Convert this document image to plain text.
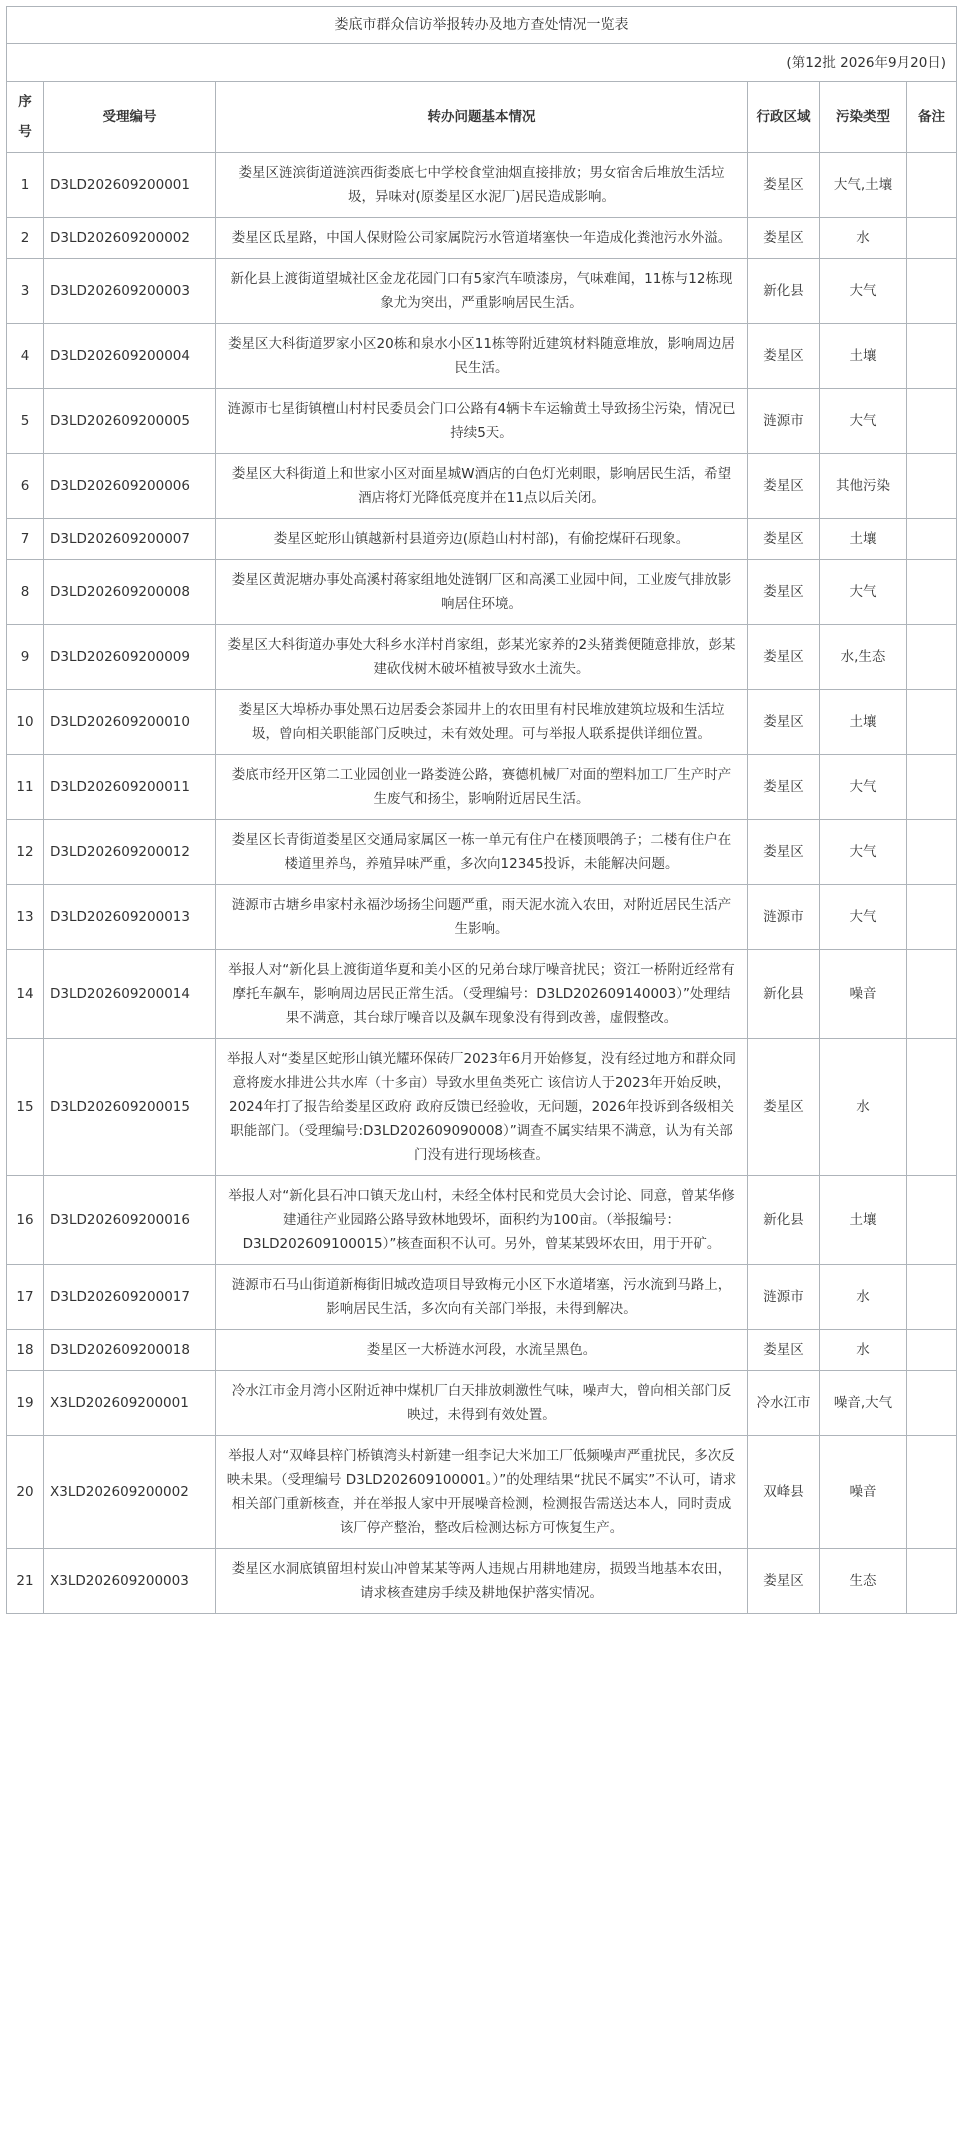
娄底市群众信访举报转办及地方查处情况一览表					
(第12批 2026年9月20日)					
序号	受理编号	转办问题基本情况	行政区域	污染类型	备注
1	D3LD202609200001	娄星区涟滨街道涟滨西街娄底七中学校食堂油烟直接排放；男女宿舍后堆放生活垃圾，异味对(原娄星区水泥厂)居民造成影响。	娄星区	大气,土壤	
2	D3LD202609200002	娄星区氐星路，中国人保财险公司家属院污水管道堵塞快一年造成化粪池污水外溢。	娄星区	水	
3	D3LD202609200003	新化县上渡街道望城社区金龙花园门口有5家汽车喷漆房，气味难闻，11栋与12栋现象尤为突出，严重影响居民生活。	新化县	大气	
4	D3LD202609200004	娄星区大科街道罗家小区20栋和泉水小区11栋等附近建筑材料随意堆放，影响周边居民生活。	娄星区	土壤	
5	D3LD202609200005	涟源市七星街镇檀山村村民委员会门口公路有4辆卡车运输黄土导致扬尘污染，情况已持续5天。	涟源市	大气	
6	D3LD202609200006	娄星区大科街道上和世家小区对面星城W酒店的白色灯光刺眼，影响居民生活，希望酒店将灯光降低亮度并在11点以后关闭。	娄星区	其他污染	
7	D3LD202609200007	娄星区蛇形山镇越新村县道旁边(原趋山村村部)，有偷挖煤矸石现象。	娄星区	土壤	
8	D3LD202609200008	娄星区黄泥塘办事处高溪村蒋家组地处涟钢厂区和高溪工业园中间，工业废气排放影响居住环境。	娄星区	大气	
9	D3LD202609200009	娄星区大科街道办事处大科乡水洋村肖家组，彭某光家养的2头猪粪便随意排放，彭某建砍伐树木破坏植被导致水土流失。	娄星区	水,生态	
10	D3LD202609200010	娄星区大埠桥办事处黑石边居委会茶园井上的农田里有村民堆放建筑垃圾和生活垃圾，曾向相关职能部门反映过，未有效处理。可与举报人联系提供详细位置。	娄星区	土壤	
11	D3LD202609200011	娄底市经开区第二工业园创业一路娄涟公路，赛德机械厂对面的塑料加工厂生产时产生废气和扬尘，影响附近居民生活。	娄星区	大气	
12	D3LD202609200012	娄星区长青街道娄星区交通局家属区一栋一单元有住户在楼顶喂鸽子；二楼有住户在楼道里养鸟，养殖异味严重，多次向12345投诉，未能解决问题。	娄星区	大气	
13	D3LD202609200013	涟源市古塘乡串家村永福沙场扬尘问题严重，雨天泥水流入农田，对附近居民生活产生影响。	涟源市	大气	
14	D3LD202609200014	举报人对“新化县上渡街道华夏和美小区的兄弟台球厅噪音扰民；资江一桥附近经常有摩托车飙车，影响周边居民正常生活。（受理编号：D3LD202609140003）”处理结果不满意，其台球厅噪音以及飙车现象没有得到改善，虚假整改。	新化县	噪音	
15	D3LD202609200015	举报人对“娄星区蛇形山镇光耀环保砖厂2023年6月开始修复，没有经过地方和群众同意将废水排进公共水库（十多亩）导致水里鱼类死亡 该信访人于2023年开始反映，2024年打了报告给娄星区政府 政府反馈已经验收，无问题，2026年投诉到各级相关职能部门。（受理编号:D3LD202609090008）”调查不属实结果不满意，认为有关部门没有进行现场核查。	娄星区	水	
16	D3LD202609200016	举报人对“新化县石冲口镇天龙山村，未经全体村民和党员大会讨论、同意，曾某华修建通往产业园路公路导致林地毁坏，面积约为100亩。（举报编号：D3LD202609100015）”核查面积不认可。另外，曾某某毁坏农田，用于开矿。	新化县	土壤	
17	D3LD202609200017	涟源市石马山街道新梅街旧城改造项目导致梅元小区下水道堵塞，污水流到马路上，影响居民生活，多次向有关部门举报，未得到解决。	涟源市	水	
18	D3LD202609200018	娄星区一大桥涟水河段，水流呈黑色。	娄星区	水	
19	X3LD202609200001	冷水江市金月湾小区附近神中煤机厂白天排放刺激性气味，噪声大，曾向相关部门反映过，未得到有效处置。	冷水江市	噪音,大气	
20	X3LD202609200002	举报人对“双峰县梓门桥镇湾头村新建一组李记大米加工厂低频噪声严重扰民，多次反映未果。（受理编号 D3LD202609100001。）”的处理结果“扰民不属实”不认可，请求相关部门重新核查，并在举报人家中开展噪音检测，检测报告需送达本人，同时责成该厂停产整治，整改后检测达标方可恢复生产。	双峰县	噪音	
21	X3LD202609200003	娄星区水洞底镇留坦村炭山冲曾某某等两人违规占用耕地建房，损毁当地基本农田，请求核查建房手续及耕地保护落实情况。	娄星区	生态	
